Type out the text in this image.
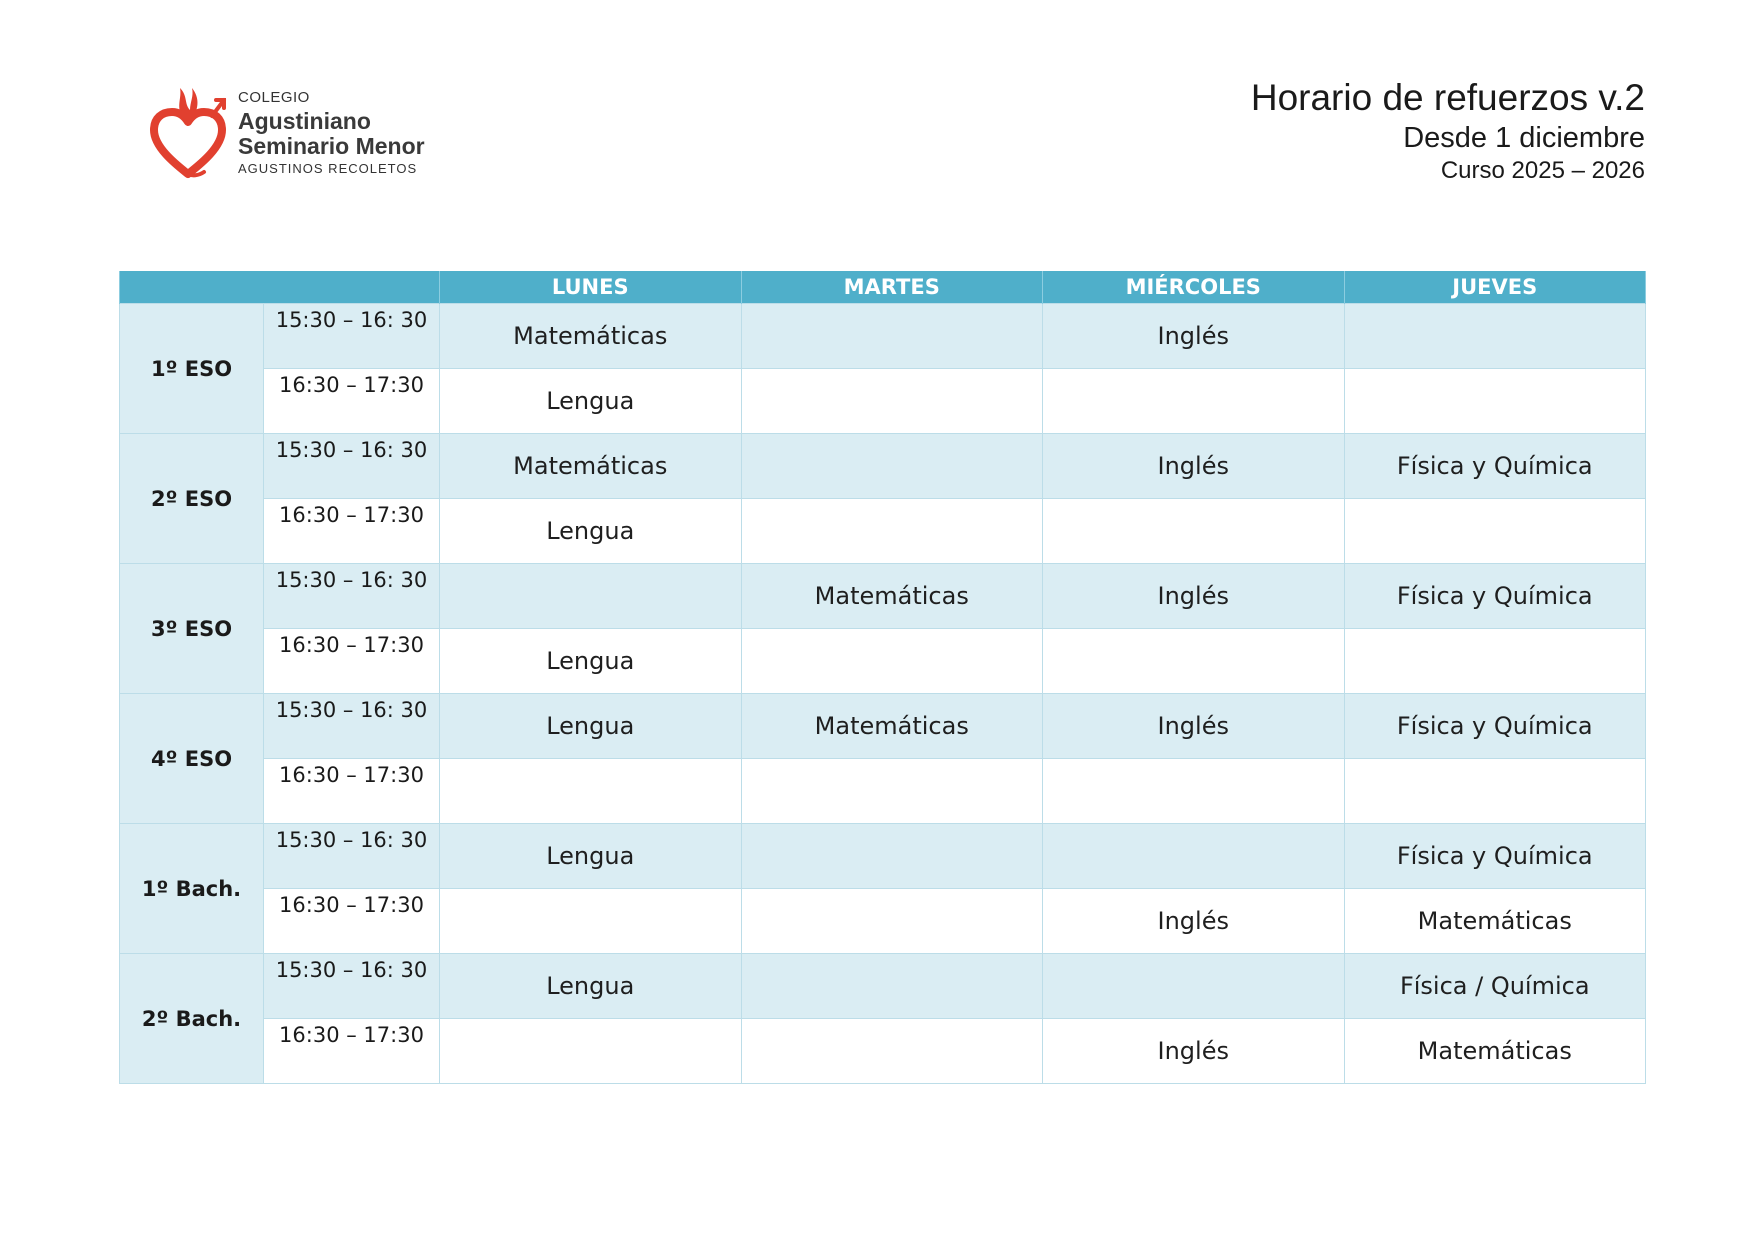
COLEGIO
Agustiniano
Seminario Menor
AGUSTINOS RECOLETOS
Horario de refuerzos v.2
Desde 1 diciembre
Curso 2025 – 2026
		LUNES	MARTES	MIÉRCOLES	JUEVES
1º ESO	15:30 – 16: 30	Matemáticas		Inglés	
	16:30 – 17:30	Lengua			
2º ESO	15:30 – 16: 30	Matemáticas		Inglés	Física y Química
	16:30 – 17:30	Lengua			
3º ESO	15:30 – 16: 30		Matemáticas	Inglés	Física y Química
	16:30 – 17:30	Lengua			
4º ESO	15:30 – 16: 30	Lengua	Matemáticas	Inglés	Física y Química
	16:30 – 17:30				
1º Bach.	15:30 – 16: 30	Lengua			Física y Química
	16:30 – 17:30			Inglés	Matemáticas
2º Bach.	15:30 – 16: 30	Lengua			Física / Química
	16:30 – 17:30			Inglés	Matemáticas
